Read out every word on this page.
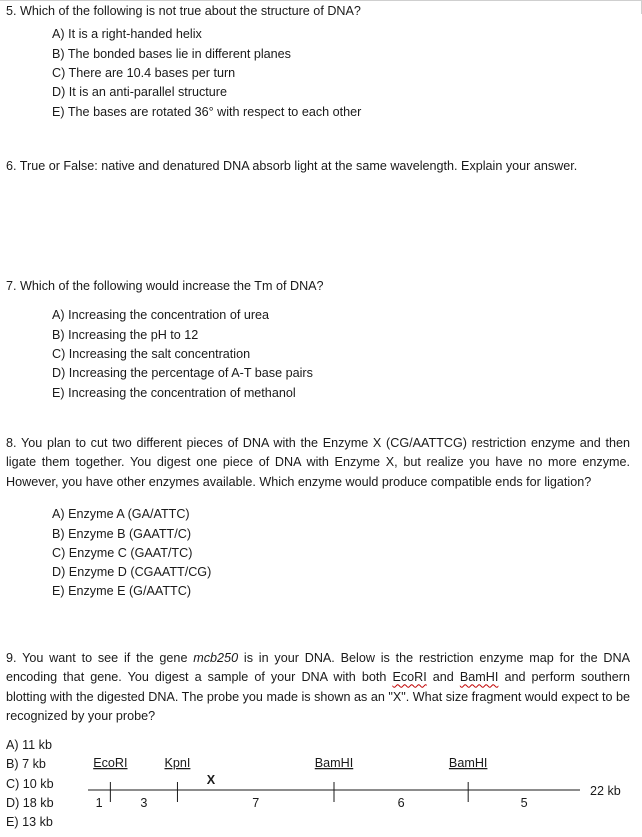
5. Which of the following is not true about the structure of DNA?
A) It is a right-handed helix
B) The bonded bases lie in different planes
C) There are 10.4 bases per turn
D) It is an anti-parallel structure
E) The bases are rotated 36° with respect to each other
6. True or False: native and denatured DNA absorb light at the same wavelength. Explain your answer.
7. Which of the following would increase the Tm of DNA?
A) Increasing the concentration of urea
B) Increasing the pH to 12
C) Increasing the salt concentration
D) Increasing the percentage of A-T base pairs
E) Increasing the concentration of methanol
8. You plan to cut two different pieces of DNA with the Enzyme X (CG/AATTCG) restriction enzyme and then ligate them together. You digest one piece of DNA with Enzyme X, but realize you have no more enzyme. However, you have other enzymes available. Which enzyme would produce compatible ends for ligation?
A) Enzyme A (GA/ATTC)
B) Enzyme B (GAATT/C)
C) Enzyme C (GAAT/TC)
D) Enzyme D (CGAATT/CG)
E) Enzyme E (G/AATTC)
9. You want to see if the gene mcb250 is in your DNA. Below is the restriction enzyme map for the DNA encoding that gene. You digest a sample of your DNA with both EcoRI and BamHI and perform southern blotting with the digested DNA. The probe you made is shown as an "X". What size fragment would expect to be recognized by your probe?
A) 11 kb
B) 7 kb
C) 10 kb
D) 18 kb
E) 13 kb
22 kb
EcoRI	KpnI	BamHI	BamHI
1	3	7	6	5
X
